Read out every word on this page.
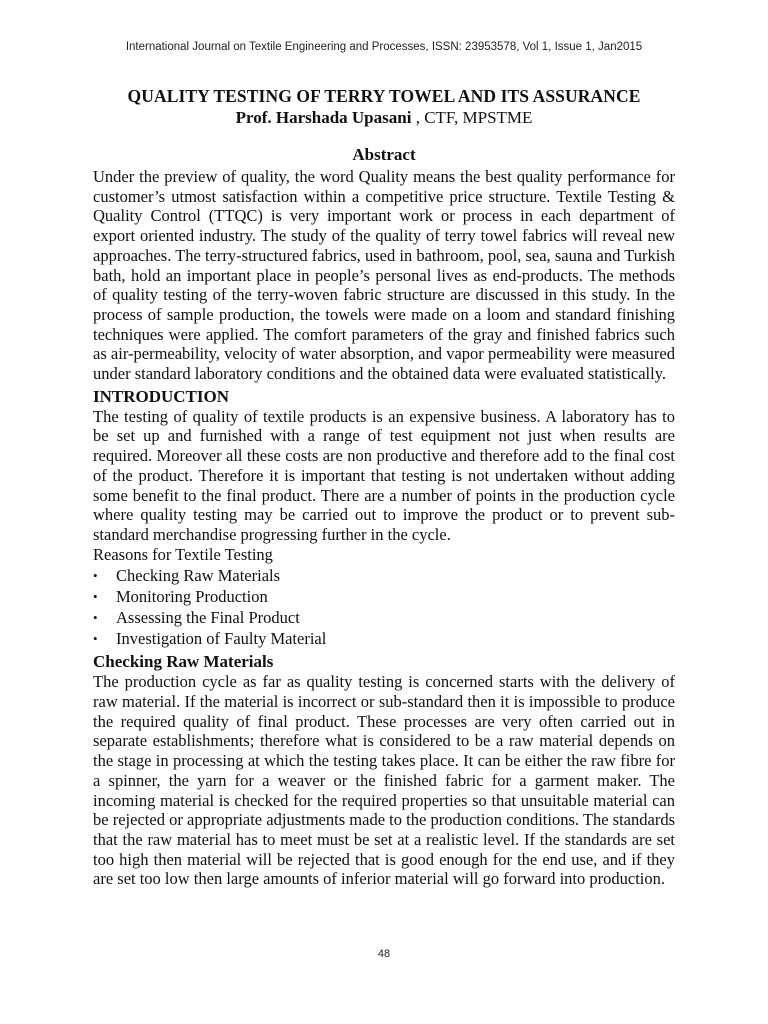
International Journal on Textile Engineering and Processes, ISSN: 23953578, Vol 1, Issue 1, Jan2015
QUALITY TESTING OF TERRY TOWEL AND ITS ASSURANCE
Prof. Harshada Upasani , CTF, MPSTME
Abstract

Under the preview of quality, the word Quality means the best quality performance for customer’s utmost satisfaction within a competitive price structure. Textile Testing & Quality Control (TTQC) is very important work or process in each department of export oriented industry. The study of the quality of terry towel fabrics will reveal new approaches. The terry-structured fabrics, used in bathroom, pool, sea, sauna and Turkish bath, hold an important place in people’s personal lives as end-products. The methods of quality testing of the terry-woven fabric structure are discussed in this study. In the process of sample production, the towels were made on a loom and standard finishing techniques were applied. The comfort parameters of the gray and finished fabrics such as air-permeability, velocity of water absorption, and vapor permeability were measured under standard laboratory conditions and the obtained data were evaluated statistically.

INTRODUCTION

The testing of quality of textile products is an expensive business. A laboratory has to be set up and furnished with a range of test equipment not just when results are required. Moreover all these costs are non productive and therefore add to the final cost of the product. Therefore it is important that testing is not undertaken without adding some benefit to the final product. There are a number of points in the production cycle where quality testing may be carried out to improve the product or to prevent sub-standard merchandise progressing further in the cycle.

Reasons for Textile Testing

• Checking Raw Materials
• Monitoring Production
• Assessing the Final Product
• Investigation of Faulty Material
Checking Raw Materials

The production cycle as far as quality testing is concerned starts with the delivery of raw material. If the material is incorrect or sub-standard then it is impossible to produce the required quality of final product. These processes are very often carried out in separate establishments; therefore what is considered to be a raw material depends on the stage in processing at which the testing takes place. It can be either the raw fibre for a spinner, the yarn for a weaver or the finished fabric for a garment maker. The incoming material is checked for the required properties so that unsuitable material can be rejected or appropriate adjustments made to the production conditions. The standards that the raw material has to meet must be set at a realistic level. If the standards are set too high then material will be rejected that is good enough for the end use, and if they are set too low then large amounts of inferior material will go forward into production.

48
